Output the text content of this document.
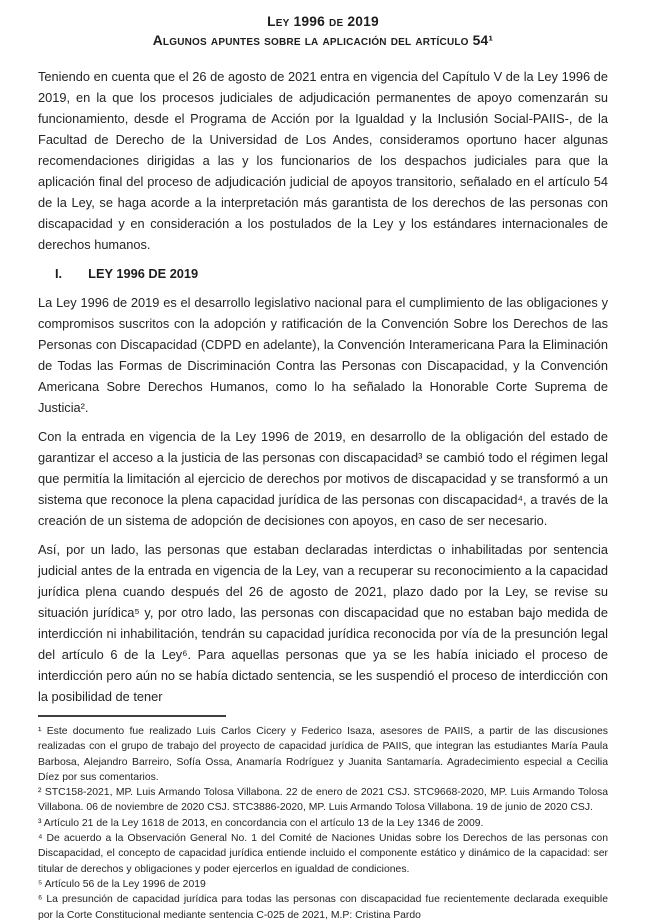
Ley 1996 de 2019
Algunos apuntes sobre la aplicación del artículo 54¹

Teniendo en cuenta que el 26 de agosto de 2021 entra en vigencia del Capítulo V de la Ley 1996 de 2019, en la que los procesos judiciales de adjudicación permanentes de apoyo comenzarán su funcionamiento, desde el Programa de Acción por la Igualdad y la Inclusión Social-PAIIS-, de la Facultad de Derecho de la Universidad de Los Andes, consideramos oportuno hacer algunas recomendaciones dirigidas a las y los funcionarios de los despachos judiciales para que la aplicación final del proceso de adjudicación judicial de apoyos transitorio, señalado en el artículo 54 de la Ley, se haga acorde a la interpretación más garantista de los derechos de las personas con discapacidad y en consideración a los postulados de la Ley y los estándares internacionales de derechos humanos.

I. LEY 1996 DE 2019

La Ley 1996 de 2019 es el desarrollo legislativo nacional para el cumplimiento de las obligaciones y compromisos suscritos con la adopción y ratificación de la Convención Sobre los Derechos de las Personas con Discapacidad (CDPD en adelante), la Convención Interamericana Para la Eliminación de Todas las Formas de Discriminación Contra las Personas con Discapacidad, y la Convención Americana Sobre Derechos Humanos, como lo ha señalado la Honorable Corte Suprema de Justicia².

Con la entrada en vigencia de la Ley 1996 de 2019, en desarrollo de la obligación del estado de garantizar el acceso a la justicia de las personas con discapacidad³ se cambió todo el régimen legal que permitía la limitación al ejercicio de derechos por motivos de discapacidad y se transformó a un sistema que reconoce la plena capacidad jurídica de las personas con discapacidad⁴, a través de la creación de un sistema de adopción de decisiones con apoyos, en caso de ser necesario.

Así, por un lado, las personas que estaban declaradas interdictas o inhabilitadas por sentencia judicial antes de la entrada en vigencia de la Ley, van a recuperar su reconocimiento a la capacidad jurídica plena cuando después del 26 de agosto de 2021, plazo dado por la Ley, se revise su situación jurídica⁵ y, por otro lado, las personas con discapacidad que no estaban bajo medida de interdicción ni inhabilitación, tendrán su capacidad jurídica reconocida por vía de la presunción legal del artículo 6 de la Ley⁶. Para aquellas personas que ya se les había iniciado el proceso de interdicción pero aún no se había dictado sentencia, se les suspendió el proceso de interdicción con la posibilidad de tener

¹ Este documento fue realizado Luis Carlos Cicery y Federico Isaza, asesores de PAIIS, a partir de las discusiones realizadas con el grupo de trabajo del proyecto de capacidad jurídica de PAIIS, que integran las estudiantes María Paula Barbosa, Alejandro Barreiro, Sofía Ossa, Anamaría Rodríguez y Juanita Santamaría. Agradecimiento especial a Cecilia Díez por sus comentarios.

² STC158-2021, MP. Luis Armando Tolosa Villabona. 22 de enero de 2021 CSJ. STC9668-2020, MP. Luis Armando Tolosa Villabona. 06 de noviembre de 2020 CSJ. STC3886-2020, MP. Luis Armando Tolosa Villabona. 19 de junio de 2020 CSJ.

³ Artículo 21 de la Ley 1618 de 2013, en concordancia con el artículo 13 de la Ley 1346 de 2009.

⁴ De acuerdo a la Observación General No. 1 del Comité de Naciones Unidas sobre los Derechos de las personas con Discapacidad, el concepto de capacidad jurídica entiende incluido el componente estático y dinámico de la capacidad: ser titular de derechos y obligaciones y poder ejercerlos en igualdad de condiciones.

⁵ Artículo 56 de la Ley 1996 de 2019

⁶ La presunción de capacidad jurídica para todas las personas con discapacidad fue recientemente declarada exequible por la Corte Constitucional mediante sentencia C-025 de 2021, M.P: Cristina Pardo
